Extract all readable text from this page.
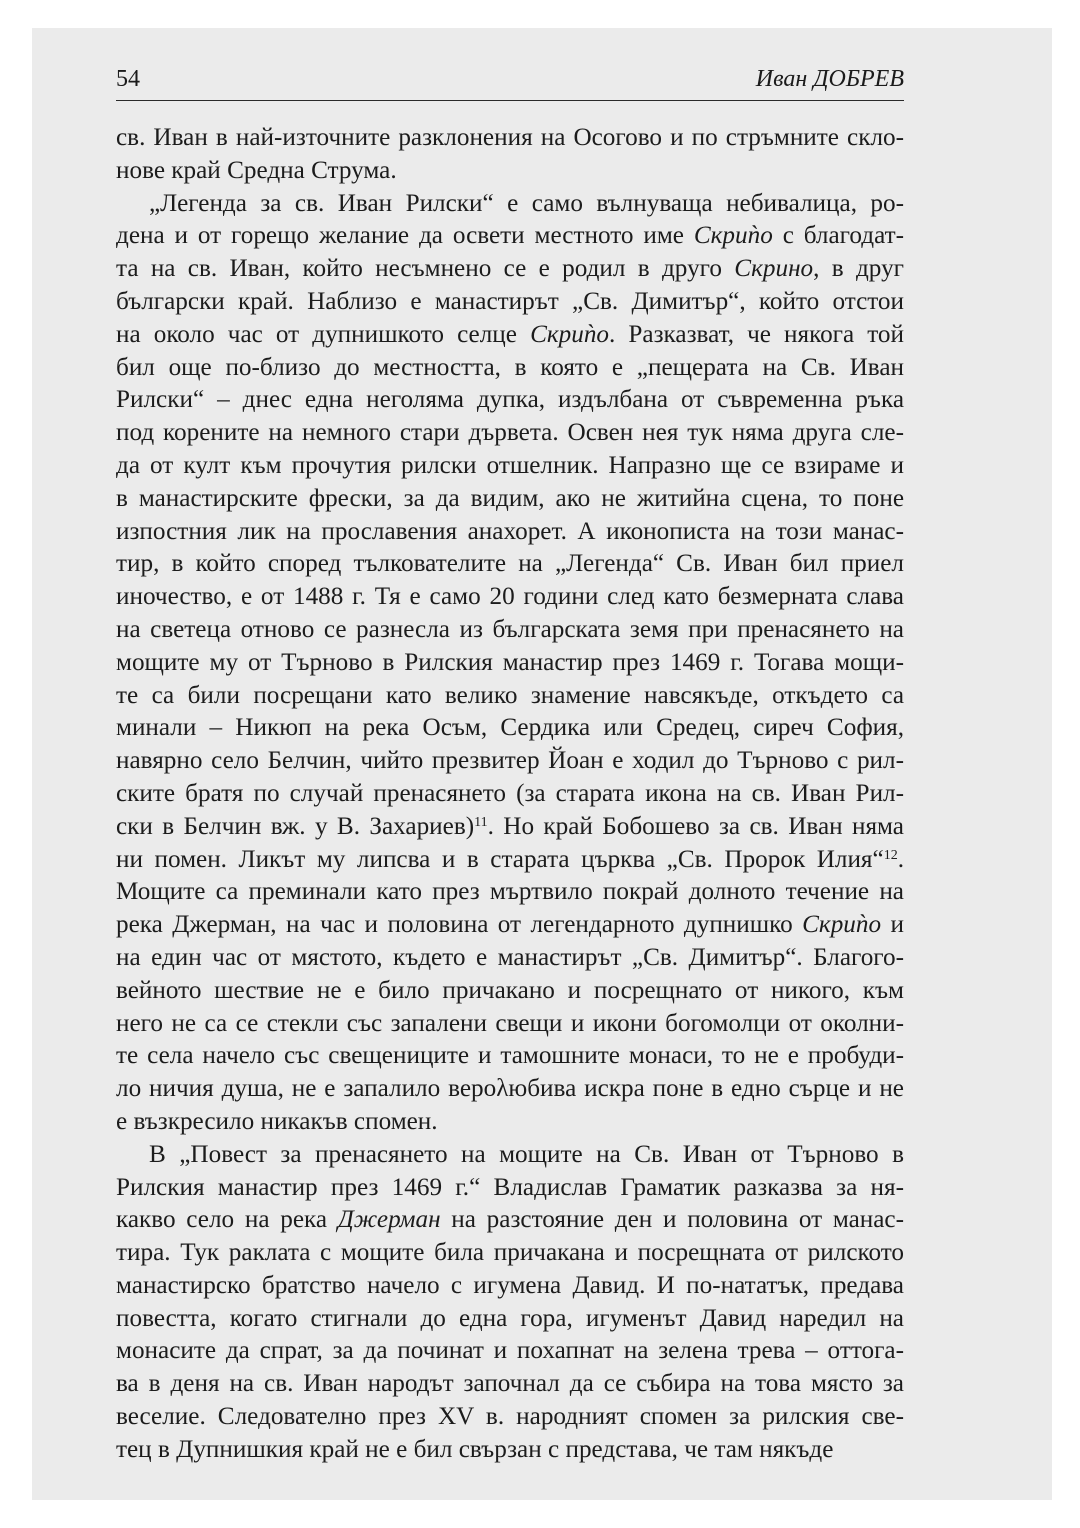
54	Иван ДОБРЕВ
св. Иван в най-източните разклонения на Осогово и по стръмните скло-
нове край Средна Струма.
„Легенда за св. Иван Рилски“ е само вълнуваща небивалица, ро-
дена и от горещо желание да освети местното име Скриǹо с благодат-
та на св. Иван, който несъмнено се е родил в друго Скрино, в друг
български край. Наблизо е манастирът „Св. Димитър“, който отстои
на около час от дупнишкото селце Скриǹо. Разказват, че някога той
бил още по-близо до местността, в която е „пещерата на Св. Иван
Рилски“ – днес една неголяма дупка, издълбана от съвременна ръка
под корените на немного стари дървета. Освен нея тук няма друга сле-
да от култ към прочутия рилски отшелник. Напразно ще се взираме и
в манастирските фрески, за да видим, ако не житийна сцена, то поне
изпостния лик на прославения анахорет. А иконописта на този манас-
тир, в който според тълкователите на „Легенда“ Св. Иван бил приел
иночество, е от 1488 г. Тя е само 20 години след като безмерната слава
на светеца отново се разнесла из българската земя при пренасянето на
мощите му от Търново в Рилския манастир през 1469 г. Тогава мощи-
те са били посрещани като велико знамение навсякъде, откъдето са
минали – Никюп на река Осъм, Сердика или Средец, сиреч София,
навярно село Белчин, чийто презвитер Йоан е ходил до Търново с рил-
ските братя по случай пренасянето (за старата икона на св. Иван Рил-
ски в Белчин вж. у В. Захариев)$^{11}$. Но край Бобошево за св. Иван няма
ни помен. Ликът му липсва и в старата църква „Св. Пророк Илия“$^{12}$.
Мощите са преминали като през мъртвило покрай долното течение на
река Джерман, на час и половина от легендарното дупнишко Скриǹо и
на един час от мястото, където е манастирът „Св. Димитър“. Благого-
вейното шествие не е било причакано и посрещнато от никого, към
него не са се стекли със запалени свещи и икони богомолци от околни-
те села начело със свещениците и тамошните монаси, то не е пробуди-
ло ничия душа, не е запалило верολюбива искра поне в едно сърце и не
е възкресило никакъв спомен.
В „Повест за пренасянето на мощите на Св. Иван от Търново в
Рилския манастир през 1469 г.“ Владислав Граматик разказва за ня-
какво село на река Джерман на разстояние ден и половина от манас-
тира. Тук раклата с мощите била причакана и посрещната от рилското
манастирско братство начело с игумена Давид. И по-нататък, предава
повестта, когато стигнали до една гора, игуменът Давид наредил на
монасите да спрат, за да починат и похапнат на зелена трева – оттога-
ва в деня на св. Иван народът започнал да се събира на това място за
веселие. Следователно през XV в. народният спомен за рилския све-
тец в Дупнишкия край не е бил свързан с представа, че там някъде
